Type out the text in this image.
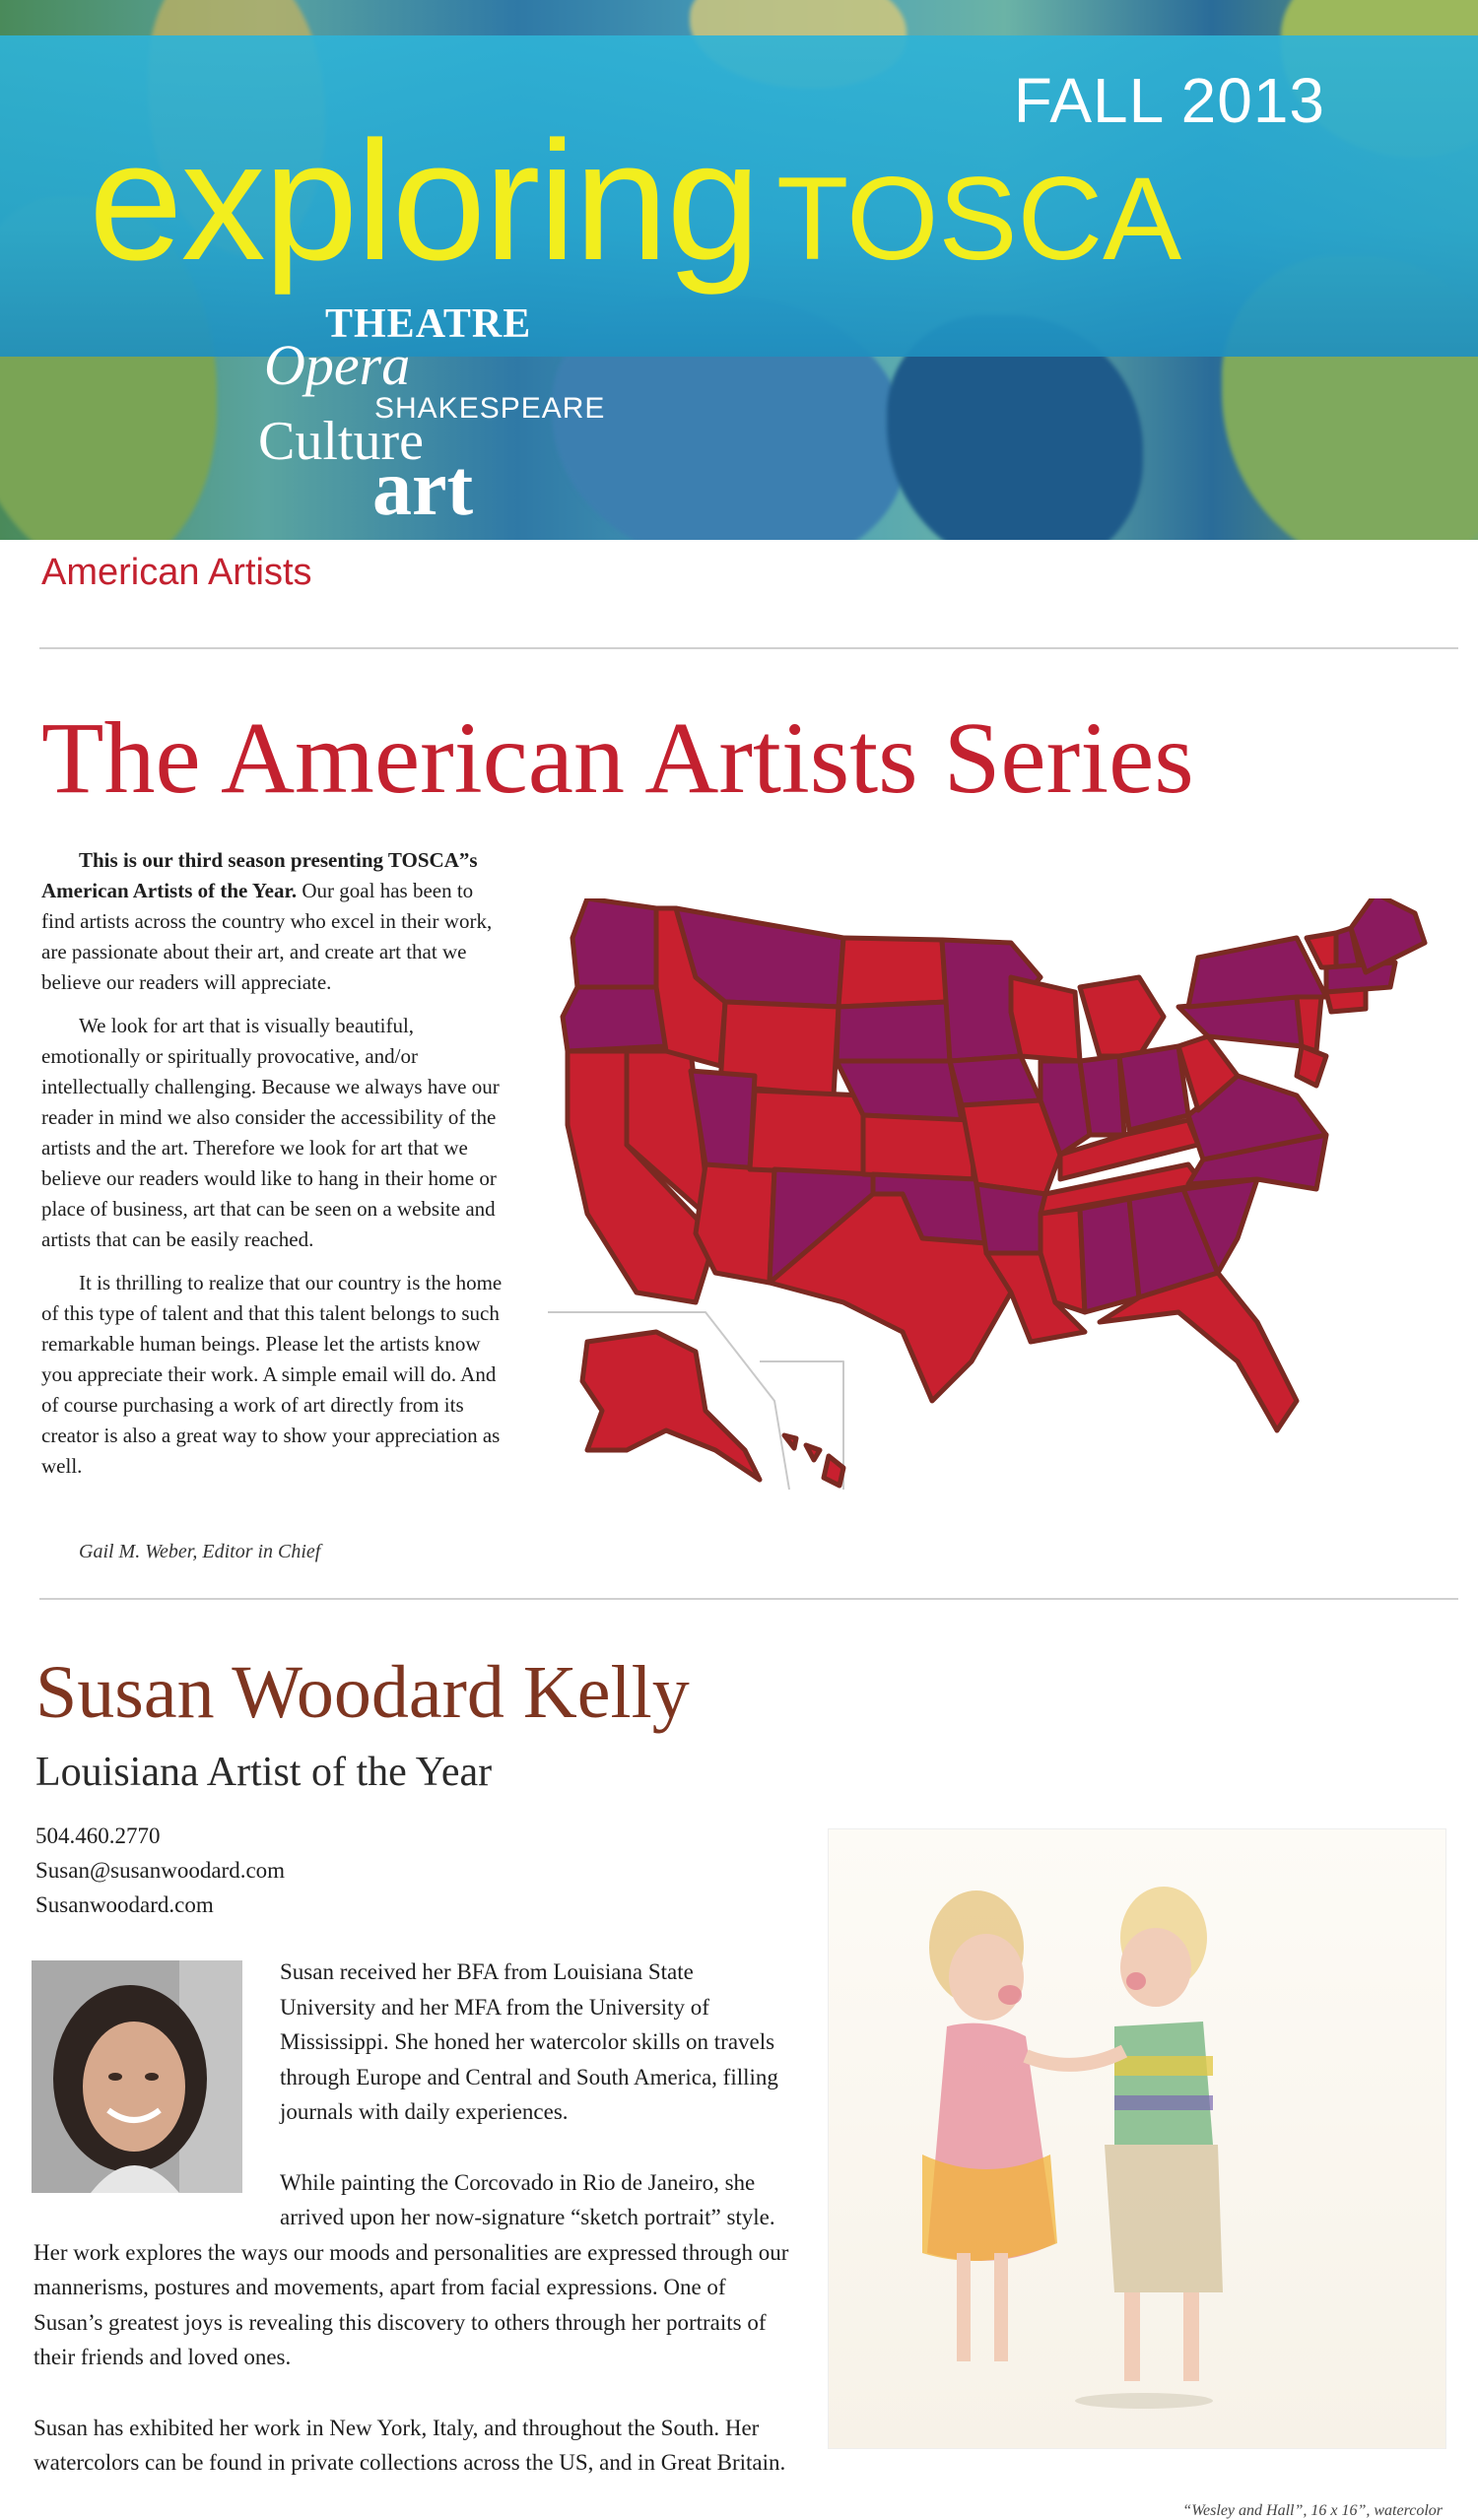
FALL 2013
exploring TOSCA
THEATRE
Opera
SHAKESPEARE
Culture
art
American Artists
The American Artists Series

This is our third season presenting TOSCA”s American Artists of the Year. Our goal has been to find artists across the country who excel in their work, are passionate about their art, and create art that we believe our readers will appreciate.

We look for art that is visually beautiful, emotionally or spiritually provocative, and/or intellectually challenging. Because we always have our reader in mind we also consider the accessibility of the artists and the art. Therefore we look for art that we believe our readers would like to hang in their home or place of business, art that can be seen on a website and artists that can be easily reached.

It is thrilling to realize that our country is the home of this type of talent and that this talent belongs to such remarkable human beings. Please let the artists know you appreciate their work. A simple email will do. And of course purchasing a work of art directly from its creator is also a great way to show your appreciation as well.

Gail M. Weber, Editor in Chief
Susan Woodard Kelly
Louisiana Artist of the Year
504.460.2770
Susan@susanwoodard.com
Susanwoodard.com

Susan received her BFA from Louisiana State University and her MFA from the University of Mississippi. She honed her watercolor skills on travels through Europe and Central and South America, filling journals with daily experiences.

While painting the Corcovado in Rio de Janeiro, she arrived upon her now-signature “sketch portrait” style. Her work explores the ways our moods and personalities are expressed through our mannerisms, postures and movements, apart from facial expressions. One of Susan’s greatest joys is revealing this discovery to others through her portraits of their friends and loved ones.

Susan has exhibited her work in New York, Italy, and throughout the South. Her watercolors can be found in private collections across the US, and in Great Britain.

“Wesley and Hall”, 16 x 16”, watercolor
